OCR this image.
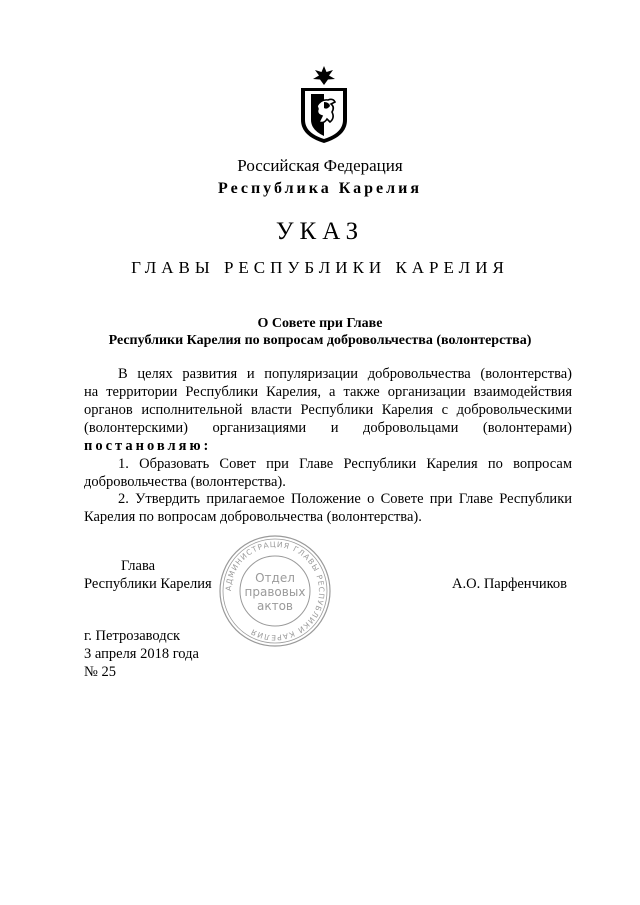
Российская Федерация
Республика Карелия
УКАЗ
ГЛАВЫ РЕСПУБЛИКИ КАРЕЛИЯ
О Совете при Главе
Республики Карелия по вопросам добровольчества (волонтерства)
В целях развития и популяризации добровольчества (волонтерства)
на территории Республики Карелия, а также организации взаимодействия
органов исполнительной власти Республики Карелия с добровольческими
(волонтерскими) организациями и добровольцами (волонтерами)
постановляю:
1. Образовать Совет при Главе Республики Карелия по вопросам
добровольчества (волонтерства).
2. Утвердить прилагаемое Положение о Совете при Главе Республики
Карелия по вопросам добровольчества (волонтерства).
Глава
Республики Карелия	А.О. Парфенчиков
АДМИНИСТРАЦИЯ ГЛАВЫ РЕСПУБЛИКИ КАРЕЛИЯ
Отдел
правовых
актов
г. Петрозаводск
3 апреля 2018 года
№ 25
